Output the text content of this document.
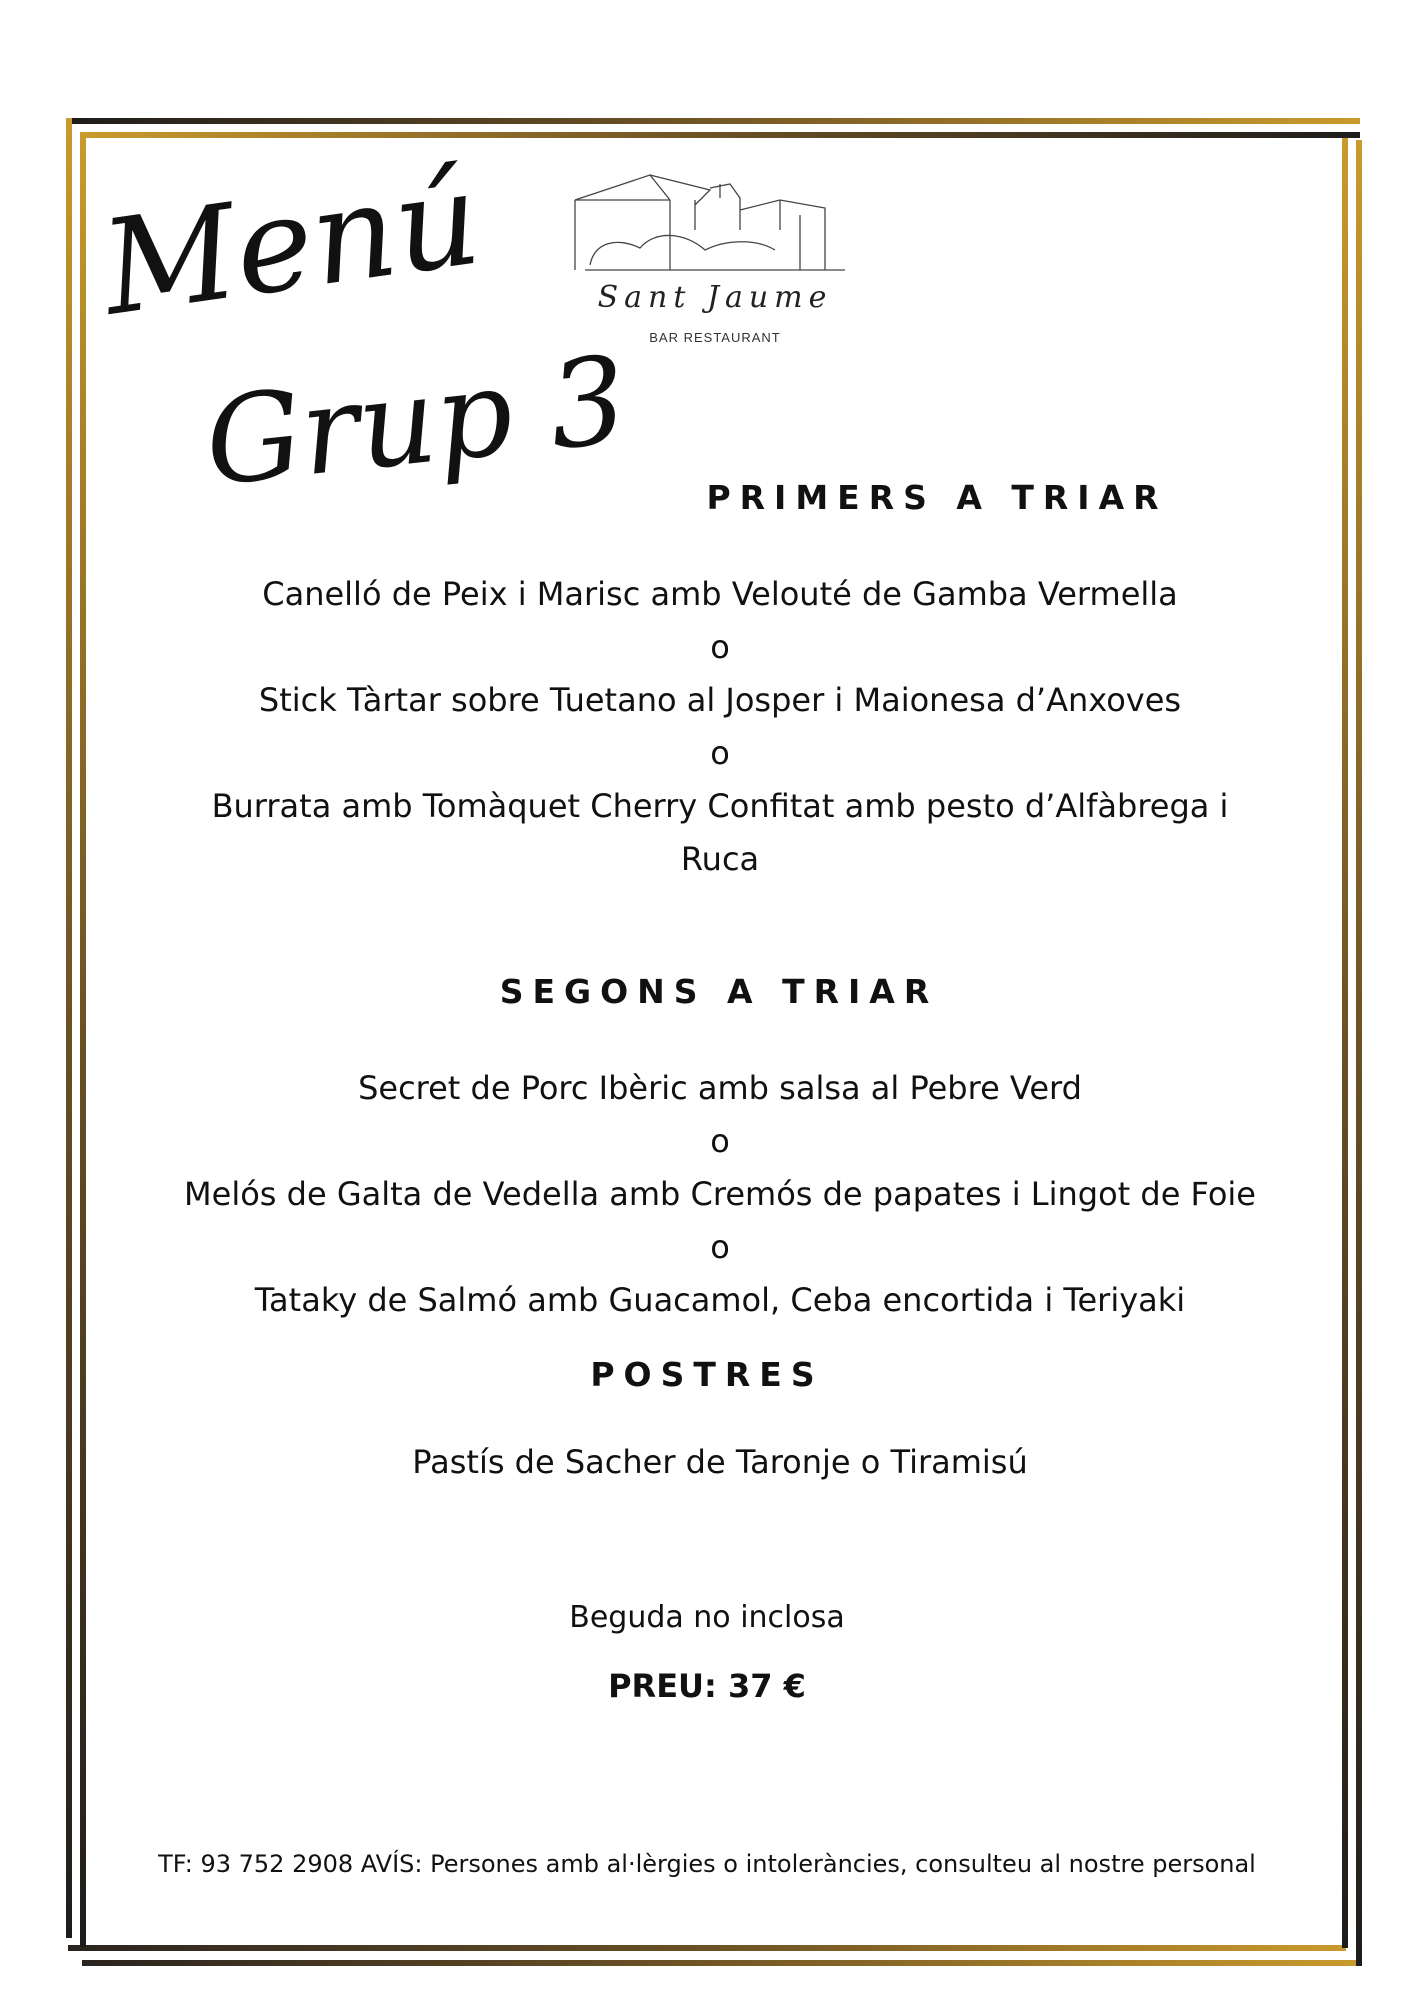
Sant Jaume
BAR RESTAURANT
Menú
Grup 3	PRIMERS A TRIAR
Canelló de Peix i Marisc amb Velouté de Gamba Vermella
o
Stick Tàrtar sobre Tuetano al Josper i Maionesa d’Anxoves
o
Burrata amb Tomàquet Cherry Confitat amb pesto d’Alfàbrega i
Ruca
SEGONS A TRIAR
Secret de Porc Ibèric amb salsa al Pebre Verd
o
Melós de Galta de Vedella amb Cremós de papates i Lingot de Foie
o
Tataky de Salmó amb Guacamol, Ceba encortida i Teriyaki
POSTRES
Pastís de Sacher de Taronje o Tiramisú
Beguda no inclosa
PREU: 37 €
TF: 93 752 2908 AVÍS: Persones amb al·lèrgies o intoleràncies, consulteu al nostre personal
